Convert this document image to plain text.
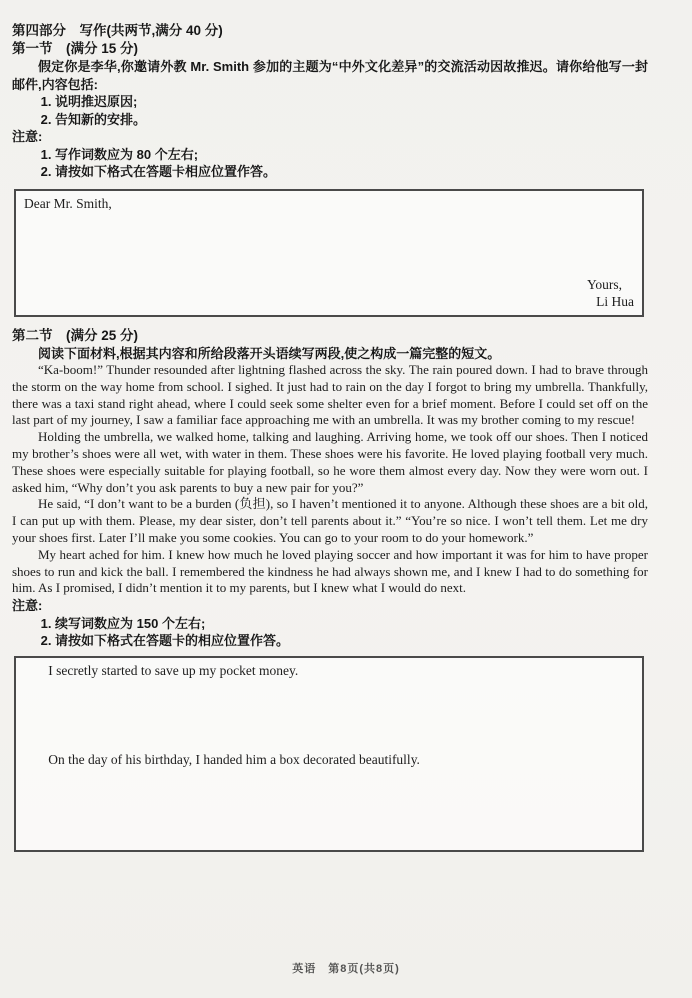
第四部分　写作(共两节,满分 40 分)

第一节　(满分 15 分)

假定你是李华,你邀请外教 Mr. Smith 参加的主题为“中外文化差异”的交流活动因故推迟。请你给他写一封邮件,内容包括:

1. 说明推迟原因;

2. 告知新的安排。

注意:

1. 写作词数应为 80 个左右;

2. 请按如下格式在答题卡相应位置作答。

Dear Mr. Smith,
Yours,
Li Hua

第二节　(满分 25 分)

阅读下面材料,根据其内容和所给段落开头语续写两段,使之构成一篇完整的短文。

“Ka-boom!” Thunder resounded after lightning flashed across the sky. The rain poured down. I had to brave through the storm on the way home from school. I sighed. It just had to rain on the day I forgot to bring my umbrella. Thankfully, there was a taxi stand right ahead, where I could seek some shelter even for a brief moment. Before I could set off on the last part of my journey, I saw a familiar face approaching me with an umbrella. It was my brother coming to my rescue!

Holding the umbrella, we walked home, talking and laughing. Arriving home, we took off our shoes. Then I noticed my brother’s shoes were all wet, with water in them. These shoes were his favorite. He loved playing football very much. These shoes were especially suitable for playing football, so he wore them almost every day. Now they were worn out. I asked him, “Why don’t you ask parents to buy a new pair for you?”

He said, “I don’t want to be a burden (负担), so I haven’t mentioned it to anyone. Although these shoes are a bit old, I can put up with them. Please, my dear sister, don’t tell parents about it.” “You’re so nice. I won’t tell them. Let me dry your shoes first. Later I’ll make you some cookies. You can go to your room to do your homework.”

My heart ached for him. I knew how much he loved playing soccer and how important it was for him to have proper shoes to run and kick the ball. I remembered the kindness he had always shown me, and I knew I had to do something for him. As I promised, I didn’t mention it to my parents, but I knew what I would do next.

注意:

1. 续写词数应为 150 个左右;

2. 请按如下格式在答题卡的相应位置作答。

I secretly started to save up my pocket money.
On the day of his birthday, I handed him a box decorated beautifully.
英语　第8页(共8页)
